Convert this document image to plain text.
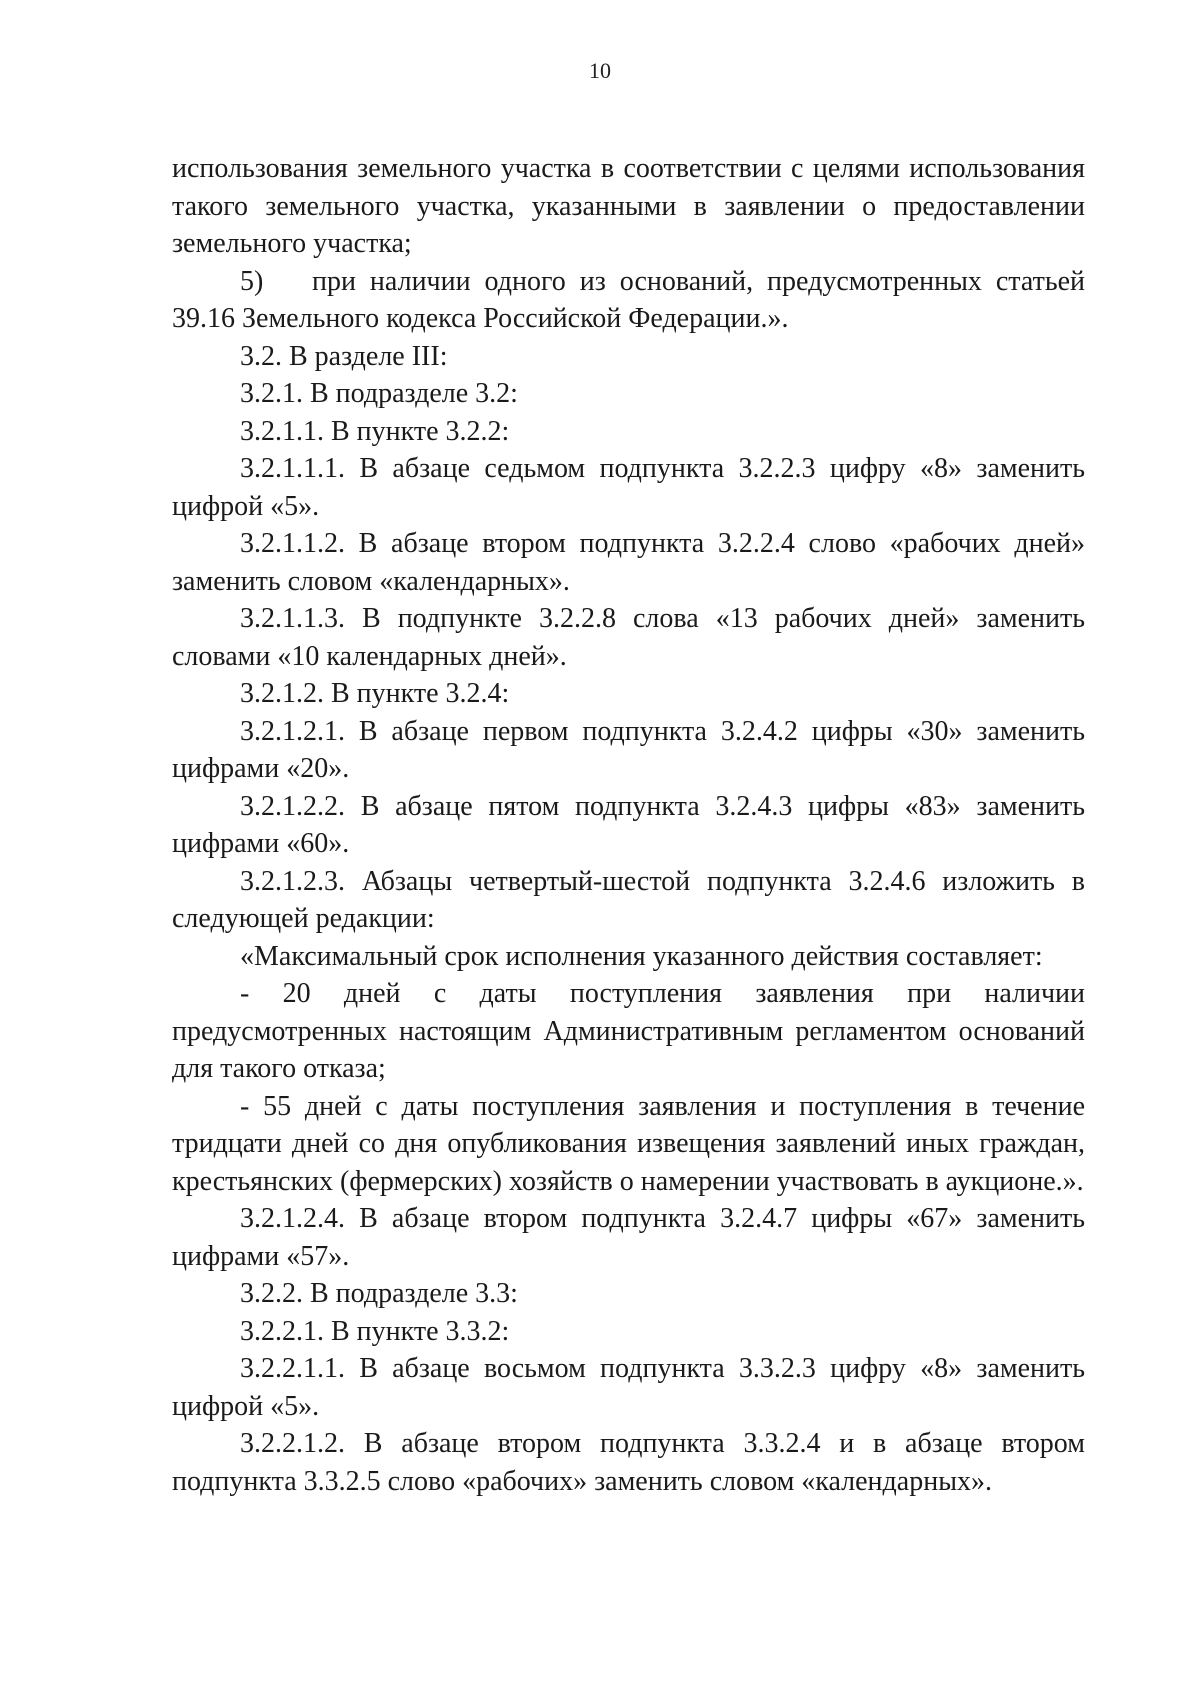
10

использования земельного участка в соответствии с целями использования такого земельного участка, указанными в заявлении о предоставлении земельного участка;

5) при наличии одного из оснований, предусмотренных статьей 39.16 Земельного кодекса Российской Федерации.».

3.2. В разделе III:

3.2.1. В подразделе 3.2:

3.2.1.1. В пункте 3.2.2:

3.2.1.1.1. В абзаце седьмом подпункта 3.2.2.3 цифру «8» заменить цифрой «5».

3.2.1.1.2. В абзаце втором подпункта 3.2.2.4 слово «рабочих дней» заменить словом «календарных».

3.2.1.1.3. В подпункте 3.2.2.8 слова «13 рабочих дней» заменить словами «10 календарных дней».

3.2.1.2. В пункте 3.2.4:

3.2.1.2.1. В абзаце первом подпункта 3.2.4.2 цифры «30» заменить цифрами «20».

3.2.1.2.2. В абзаце пятом подпункта 3.2.4.3 цифры «83» заменить цифрами «60».

3.2.1.2.3. Абзацы четвертый-шестой подпункта 3.2.4.6 изложить в следующей редакции:

«Максимальный срок исполнения указанного действия составляет:

- 20 дней с даты поступления заявления при наличии предусмотренных настоящим Административным регламентом оснований для такого отказа;

- 55 дней с даты поступления заявления и поступления в течение тридцати дней со дня опубликования извещения заявлений иных граждан, крестьянских (фермерских) хозяйств о намерении участвовать в аукционе.».

3.2.1.2.4. В абзаце втором подпункта 3.2.4.7 цифры «67» заменить цифрами «57».

3.2.2. В подразделе 3.3:

3.2.2.1. В пункте 3.3.2:

3.2.2.1.1. В абзаце восьмом подпункта 3.3.2.3 цифру «8» заменить цифрой «5».

3.2.2.1.2. В абзаце втором подпункта 3.3.2.4 и в абзаце втором подпункта 3.3.2.5 слово «рабочих» заменить словом «календарных».
